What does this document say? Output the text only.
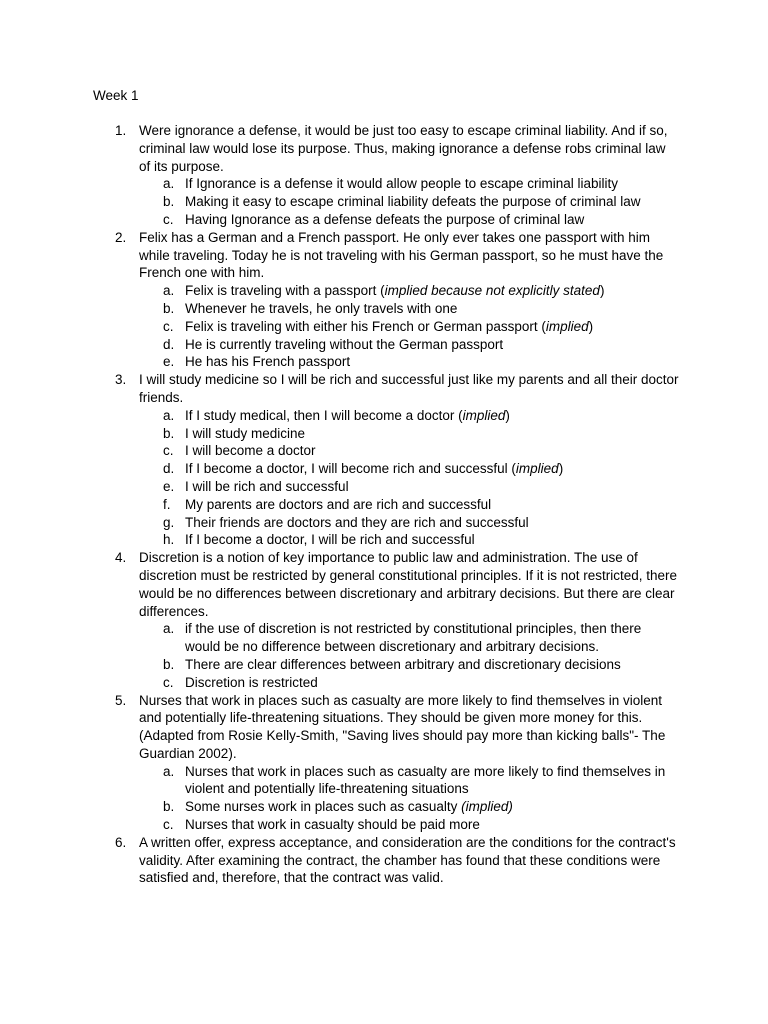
Week 1
1. Were ignorance a defense, it would be just too easy to escape criminal liability. And if so, criminal law would lose its purpose. Thus, making ignorance a defense robs criminal law of its purpose.
a. If Ignorance is a defense it would allow people to escape criminal liability
b. Making it easy to escape criminal liability defeats the purpose of criminal law
c. Having Ignorance as a defense defeats the purpose of criminal law
2. Felix has a German and a French passport. He only ever takes one passport with him while traveling. Today he is not traveling with his German passport, so he must have the French one with him.
a. Felix is traveling with a passport (implied because not explicitly stated)
b. Whenever he travels, he only travels with one
c. Felix is traveling with either his French or German passport (implied)
d. He is currently traveling without the German passport
e. He has his French passport
3. I will study medicine so I will be rich and successful just like my parents and all their doctor friends.
a. If I study medical, then I will become a doctor (implied)
b. I will study medicine
c. I will become a doctor
d. If I become a doctor, I will become rich and successful (implied)
e. I will be rich and successful
f. My parents are doctors and are rich and successful
g. Their friends are doctors and they are rich and successful
h. If I become a doctor, I will be rich and successful
4. Discretion is a notion of key importance to public law and administration. The use of discretion must be restricted by general constitutional principles. If it is not restricted, there would be no differences between discretionary and arbitrary decisions. But there are clear differences.
a. if the use of discretion is not restricted by constitutional principles, then there would be no difference between discretionary and arbitrary decisions.
b. There are clear differences between arbitrary and discretionary decisions
c. Discretion is restricted
5. Nurses that work in places such as casualty are more likely to find themselves in violent and potentially life-threatening situations. They should be given more money for this. (Adapted from Rosie Kelly-Smith, "Saving lives should pay more than kicking balls"- The Guardian 2002).
a. Nurses that work in places such as casualty are more likely to find themselves in violent and potentially life-threatening situations
b. Some nurses work in places such as casualty (implied)
c. Nurses that work in casualty should be paid more
6. A written offer, express acceptance, and consideration are the conditions for the contract's validity. After examining the contract, the chamber has found that these conditions were satisfied and, therefore, that the contract was valid.
